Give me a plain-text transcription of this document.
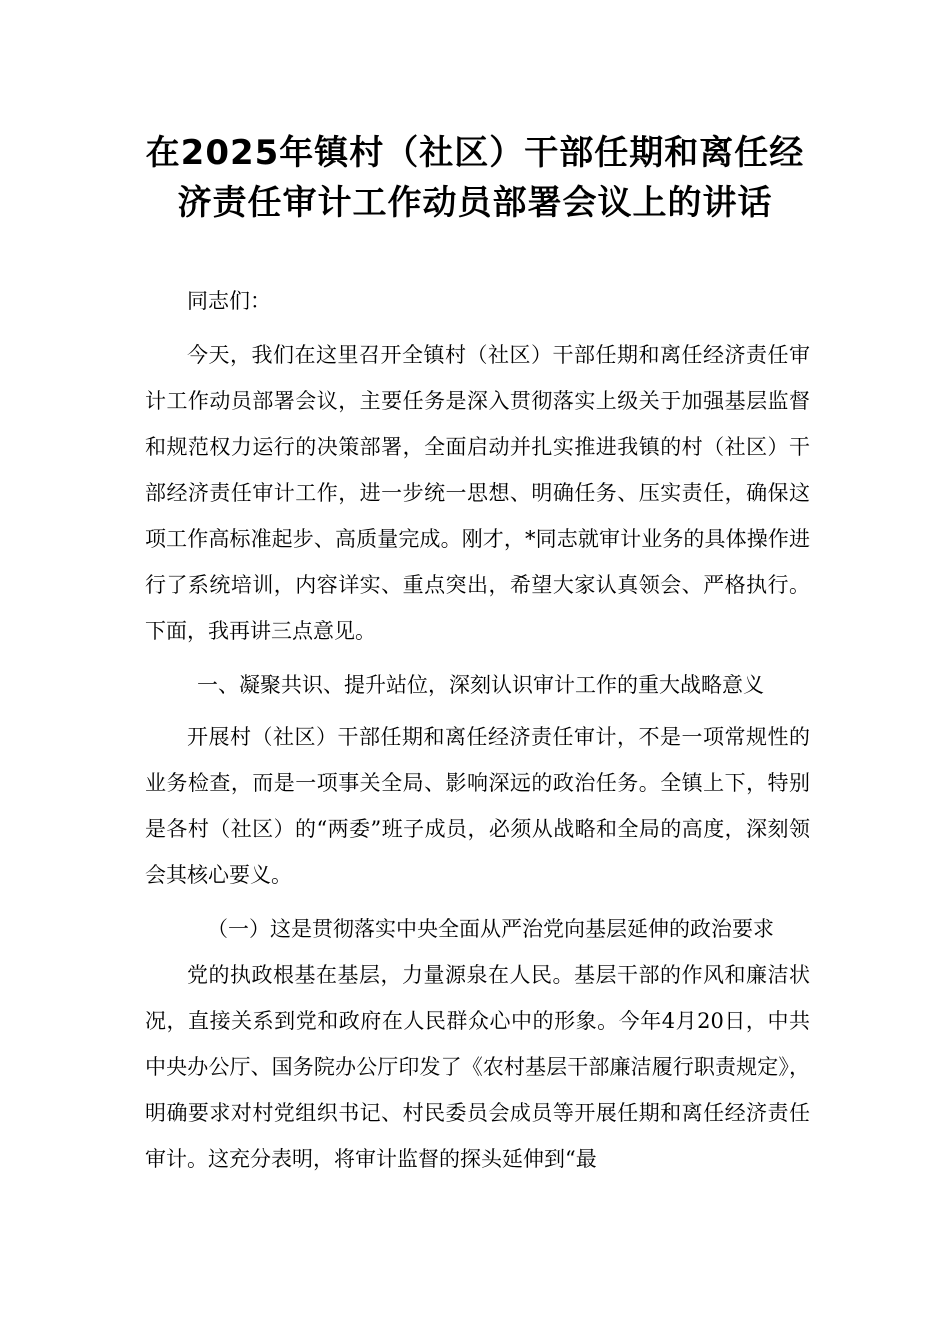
在2025年镇村（社区）干部任期和离任经
济责任审计工作动员部署会议上的讲话

同志们：

今天，我们在这里召开全镇村（社区）干部任期和离任经济责任审计工作动员部署会议，主要任务是深入贯彻落实上级关于加强基层监督和规范权力运行的决策部署，全面启动并扎实推进我镇的村（社区）干部经济责任审计工作，进一步统一思想、明确任务、压实责任，确保这项工作高标准起步、高质量完成。刚才，*同志就审计业务的具体操作进行了系统培训，内容详实、重点突出，希望大家认真领会、严格执行。下面，我再讲三点意见。

一、凝聚共识、提升站位，深刻认识审计工作的重大战略意义

开展村（社区）干部任期和离任经济责任审计，不是一项常规性的业务检查，而是一项事关全局、影响深远的政治任务。全镇上下，特别是各村（社区）的“两委”班子成员，必须从战略和全局的高度，深刻领会其核心要义。

（一）这是贯彻落实中央全面从严治党向基层延伸的政治要求

党的执政根基在基层，力量源泉在人民。基层干部的作风和廉洁状况，直接关系到党和政府在人民群众心中的形象。今年4月20日，中共中央办公厅、国务院办公厅印发了《农村基层干部廉洁履行职责规定》，明确要求对村党组织书记、村民委员会成员等开展任期和离任经济责任审计。这充分表明，将审计监督的探头延伸到“最
